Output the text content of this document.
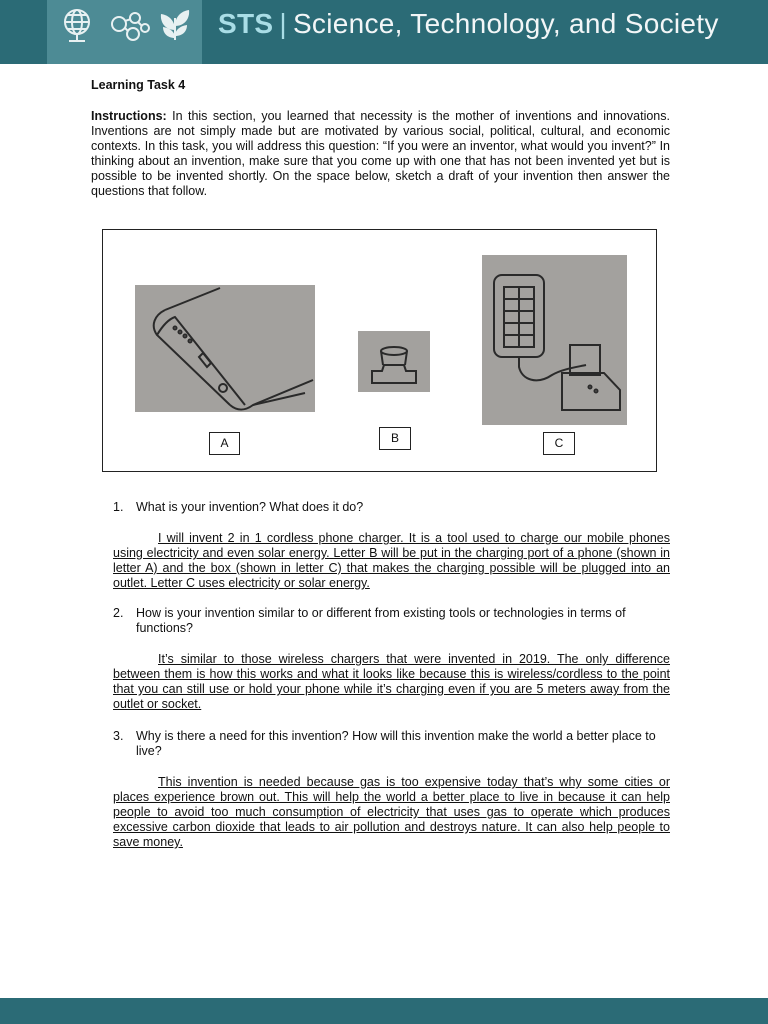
STS | Science, Technology, and Society
Learning Task 4
Instructions: In this section, you learned that necessity is the mother of inventions and innovations. Inventions are not simply made but are motivated by various social, political, cultural, and economic contexts. In this task, you will address this question: “If you were an inventor, what would you invent?” In thinking about an invention, make sure that you come up with one that has not been invented yet but is possible to be invented shortly. On the space below, sketch a draft of your invention then answer the questions that follow.
A	B	C
1. What is your invention? What does it do?
I will invent 2 in 1 cordless phone charger. It is a tool used to charge our mobile phones using electricity and even solar energy. Letter B will be put in the charging port of a phone (shown in letter A) and the box (shown in letter C) that makes the charging possible will be plugged into an outlet. Letter C uses electricity or solar energy.
2. How is your invention similar to or different from existing tools or technologies in terms of functions?
It’s similar to those wireless chargers that were invented in 2019. The only difference between them is how this works and what it looks like because this is wireless/cordless to the point that you can still use or hold your phone while it’s charging even if you are 5 meters away from the outlet or socket.
3. Why is there a need for this invention? How will this invention make the world a better place to live?
This invention is needed because gas is too expensive today that’s why some cities or places experience brown out. This will help the world a better place to live in because it can help people to avoid too much consumption of electricity that uses gas to operate which produces excessive carbon dioxide that leads to air pollution and destroys nature. It can also help people to save money.
